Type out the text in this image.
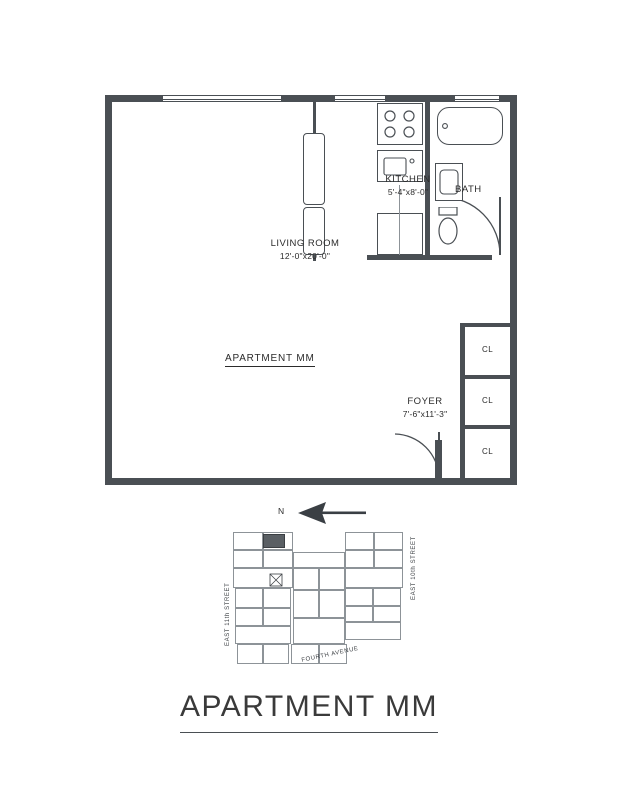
CL
CL
CL
LIVING ROOM
12'-0"x20'-0"
KITCHEN
5'-4"x8'-0"	BATH
FOYER
7'-6"x11'-3"
APARTMENT MM
N
EAST 11th STREET
EAST 10th STREET
FOURTH AVENUE
APARTMENT MM
